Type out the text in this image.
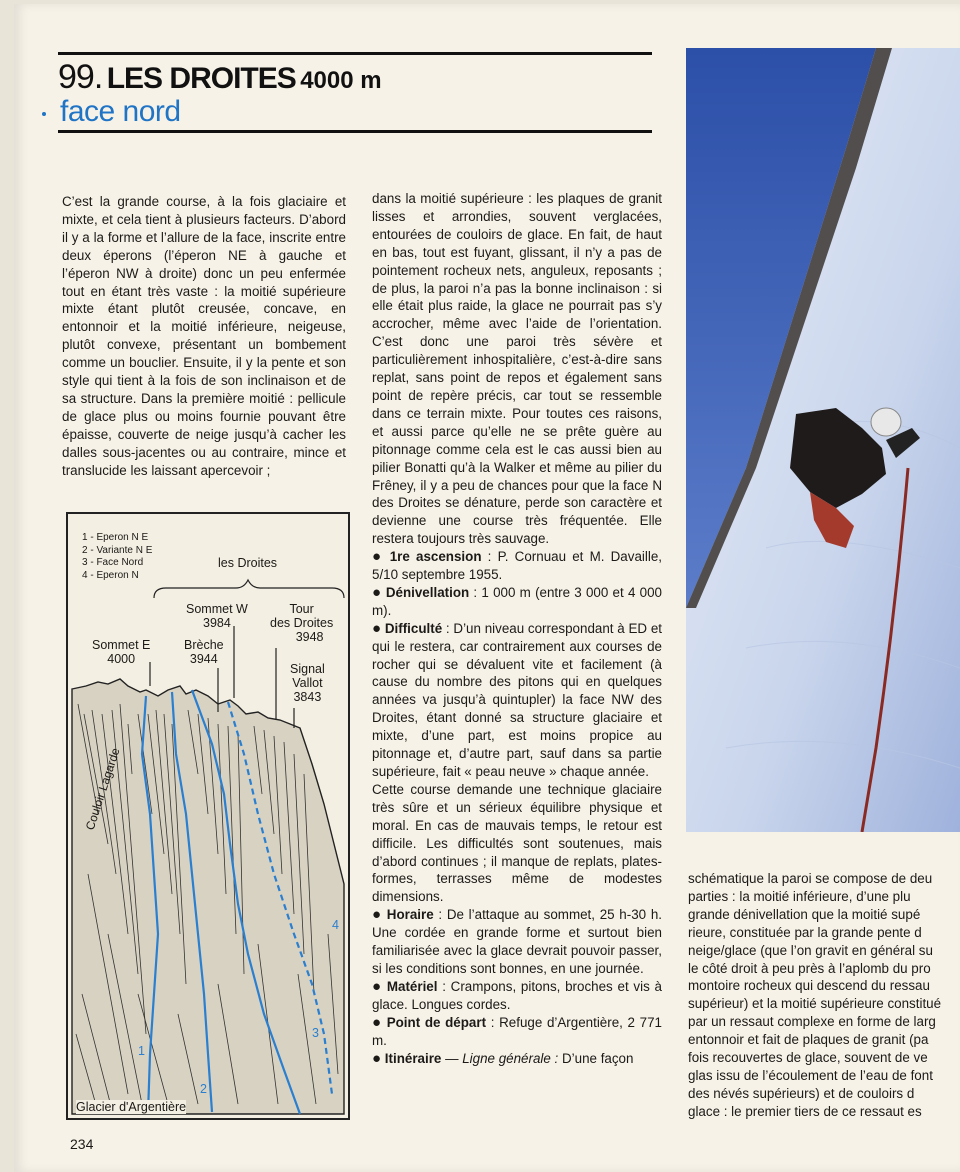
99. LES DROITES 4000 m
face nord

C’est la grande course, à la fois glaciaire et mixte, et cela tient à plusieurs facteurs. D’abord il y a la forme et l’allure de la face, inscrite entre deux éperons (l’éperon NE à gauche et l’éperon NW à droite) donc un peu enfermée tout en étant très vaste : la moitié supérieure mixte étant plutôt creusée, concave, en entonnoir et la moitié inférieure, neigeuse, plutôt convexe, présentant un bombement comme un bouclier. Ensuite, il y la pente et son style qui tient à la fois de son inclinaison et de sa structure. Dans la première moitié : pellicule de glace plus ou moins fournie pouvant être épaisse, couverte de neige jusqu’à cacher les dalles sous-jacentes ou au contraire, mince et translucide les laissant apercevoir ;

1 - Eperon N E
2 - Variante N E
3 - Face Nord
4 - Eperon N
les Droites
Sommet W
3984
Tour
des Droites
3948
Sommet E
4000
Brèche
3944
Signal
Vallot
3843
Couloir Lagarde
1
2
3
4
Glacier d'Argentière

dans la moitié supérieure : les plaques de granit lisses et arrondies, souvent verglacées, entourées de couloirs de glace. En fait, de haut en bas, tout est fuyant, glissant, il n’y a pas de pointement rocheux nets, anguleux, reposants ; de plus, la paroi n’a pas la bonne inclinaison : si elle était plus raide, la glace ne pourrait pas s’y accrocher, même avec l’aide de l’orientation. C’est donc une paroi très sévère et particulièrement inhospitalière, c’est-à-dire sans replat, sans point de repos et également sans point de repère précis, car tout se ressemble dans ce terrain mixte. Pour toutes ces raisons, et aussi parce qu’elle ne se prête guère au pitonnage comme cela est le cas aussi bien au pilier Bonatti qu’à la Walker et même au pilier du Frêney, il y a peu de chances pour que la face N des Droites se dénature, perde son caractère et devienne une course très fréquentée. Elle restera toujours très sauvage.

● 1re ascension : P. Cornuau et M. Davaille, 5/10 septembre 1955.

● Dénivellation : 1 000 m (entre 3 000 et 4 000 m).

● Difficulté : D’un niveau correspondant à ED et qui le restera, car contrairement aux courses de rocher qui se dévaluent vite et facilement (à cause du nombre des pitons qui en quelques années va jusqu’à quintupler) la face NW des Droites, étant donné sa structure glaciaire et mixte, d’une part, est moins propice au pitonnage et, d’autre part, sauf dans sa partie supérieure, fait « peau neuve » chaque année.

Cette course demande une technique glaciaire très sûre et un sérieux équilibre physique et moral. En cas de mauvais temps, le retour est difficile. Les difficultés sont soutenues, mais d’abord continues ; il manque de replats, plates-formes, terrasses même de modestes dimensions.

● Horaire : De l’attaque au sommet, 25 h-30 h. Une cordée en grande forme et surtout bien familiarisée avec la glace devrait pouvoir passer, si les conditions sont bonnes, en une journée.

● Matériel : Crampons, pitons, broches et vis à glace. Longues cordes.

● Point de départ : Refuge d’Argentière, 2 771 m.

● Itinéraire — Ligne générale : D’une façon

schématique la paroi se compose de deu

parties : la moitié inférieure, d’une plu

grande dénivellation que la moitié supé

rieure, constituée par la grande pente d

neige/glace (que l’on gravit en général su

le côté droit à peu près à l’aplomb du pro

montoire rocheux qui descend du ressau

supérieur) et la moitié supérieure constitué

par un ressaut complexe en forme de larg

entonnoir et fait de plaques de granit (pa

fois recouvertes de glace, souvent de ve

glas issu de l’écoulement de l’eau de font

des névés supérieurs) et de couloirs d

glace : le premier tiers de ce ressaut es

234
